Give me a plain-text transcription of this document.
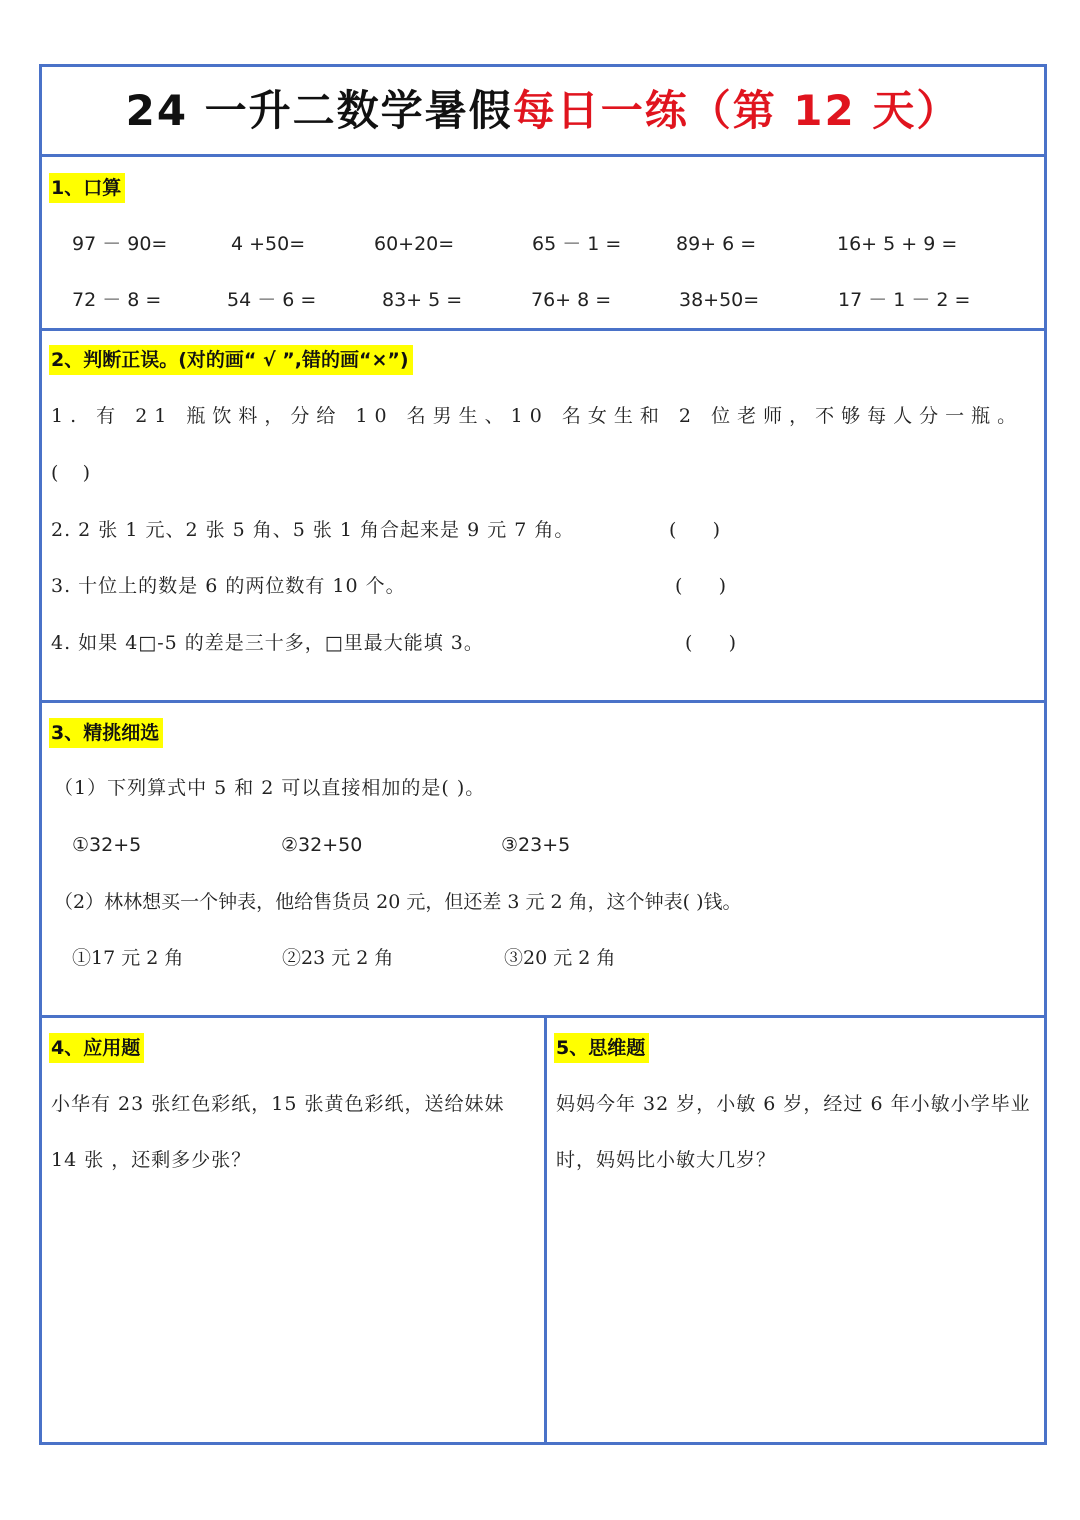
24 一升二数学暑假每日一练（第 12 天）
1、口算
97 － 90=	4 +50=	60+20=	65 － 1 =	89+ 6 =	16+ 5 + 9 =
72 － 8 =	54 － 6 =	83+ 5 =	76+ 8 =	38+50=	17 － 1 － 2 =
2、判断正误。(对的画“ √ ”,错的画“×”)
1. 有 21 瓶饮料，分给 10 名男生、10 名女生和 2 位老师，不够每人分一瓶。
(    )
2. 2 张 1 元、2 张 5 角、5 张 1 角合起来是 9 元 7 角。	(      )
3. 十位上的数是 6 的两位数有 10 个。	(      )
4. 如果 4□-5 的差是三十多，□里最大能填 3。	(      )
3、精挑细选
（1）下列算式中 5 和 2 可以直接相加的是( )。
①32+5	②32+50	③23+5
（2）林林想买一个钟表，他给售货员 20 元，但还差 3 元 2 角，这个钟表( )钱。
①17 元 2 角	②23 元 2 角	③20 元 2 角
4、应用题
小华有 23 张红色彩纸，15 张黄色彩纸，送给妹妹
14 张 ，还剩多少张？
5、思维题
妈妈今年 32 岁，小敏 6 岁，经过 6 年小敏小学毕业
时，妈妈比小敏大几岁？
